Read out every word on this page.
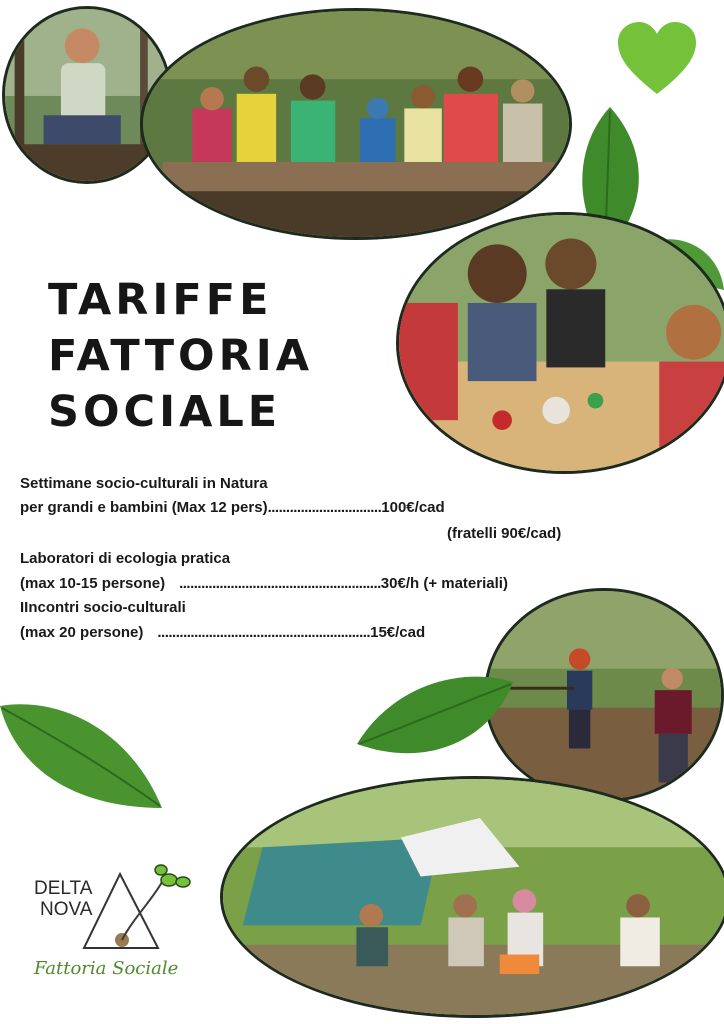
TARIFFE
FATTORIA
SOCIALE
Settimane socio-culturali in Natura
per grandi e bambini (Max 12 pers)...............................100€/cad
(fratelli 90€/cad)
Laboratori di ecologia pratica
(max 10-15 persone) .......................................................30€/h (+ materiali)
IIncontri socio-culturali
(max 20 persone) ..........................................................15€/cad
DELTA
NOVA
Fattoria Sociale
